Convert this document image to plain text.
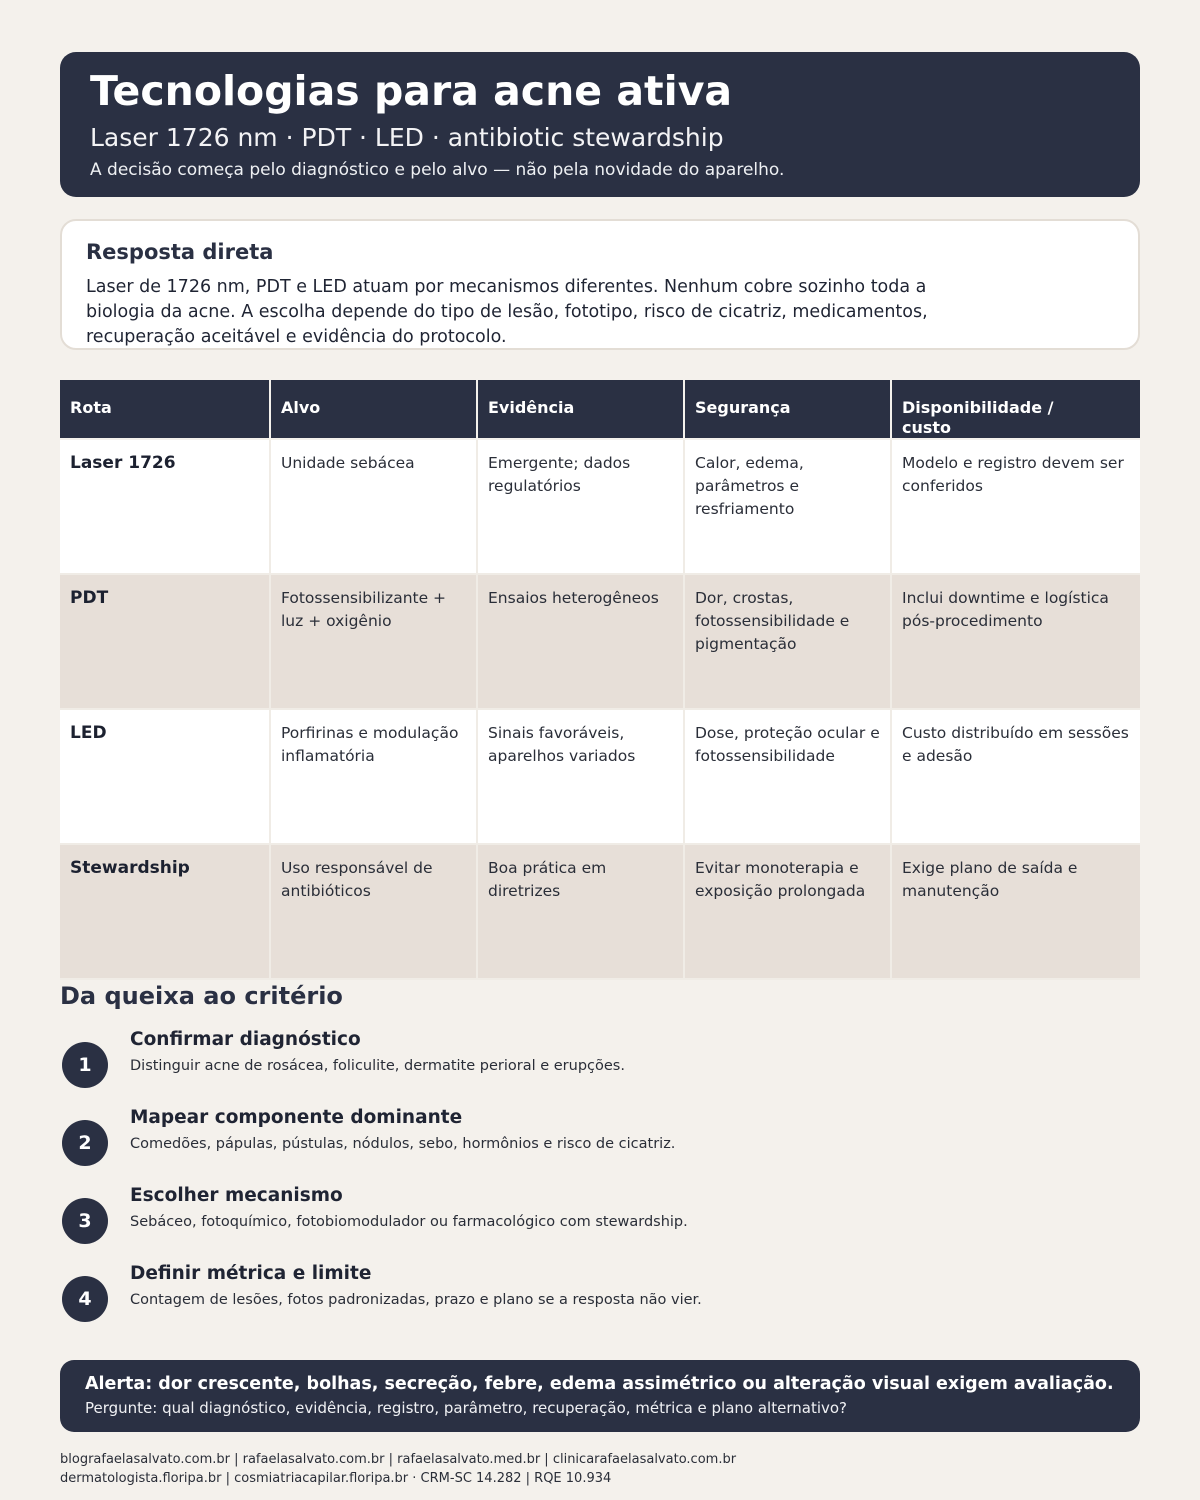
Tecnologias para acne ativa
Laser 1726 nm · PDT · LED · antibiotic stewardship
A decisão começa pelo diagnóstico e pelo alvo — não pela novidade do aparelho.
Resposta direta

Laser de 1726 nm, PDT e LED atuam por mecanismos diferentes. Nenhum cobre sozinho toda a biologia da acne. A escolha depende do tipo de lesão, fototipo, risco de cicatriz, medicamentos, recuperação aceitável e evidência do protocolo.

Rota	Alvo	Evidência	Segurança	Disponibilidade / custo
Laser 1726	Unidade sebácea	Emergente; dados regulatórios	Calor, edema, parâmetros e resfriamento	Modelo e registro devem ser conferidos
PDT	Fotossensibilizante + luz + oxigênio	Ensaios heterogêneos	Dor, crostas, fotossensibilidade e pigmentação	Inclui downtime e logística pós-procedimento
LED	Porfirinas e modulação inflamatória	Sinais favoráveis, aparelhos variados	Dose, proteção ocular e fotossensibilidade	Custo distribuído em sessões e adesão
Stewardship	Uso responsável de antibióticos	Boa prática em diretrizes	Evitar monoterapia e exposição prolongada	Exige plano de saída e manutenção
Da queixa ao critério
1
Confirmar diagnóstico
Distinguir acne de rosácea, foliculite, dermatite perioral e erupções.
2
Mapear componente dominante
Comedões, pápulas, pústulas, nódulos, sebo, hormônios e risco de cicatriz.
3
Escolher mecanismo
Sebáceo, fotoquímico, fotobiomodulador ou farmacológico com stewardship.
4
Definir métrica e limite
Contagem de lesões, fotos padronizadas, prazo e plano se a resposta não vier.
Alerta: dor crescente, bolhas, secreção, febre, edema assimétrico ou alteração visual exigem avaliação.
Pergunte: qual diagnóstico, evidência, registro, parâmetro, recuperação, métrica e plano alternativo?
blografaelasalvato.com.br | rafaelasalvato.com.br | rafaelasalvato.med.br | clinicarafaelasalvato.com.br
dermatologista.floripa.br | cosmiatriacapilar.floripa.br · CRM-SC 14.282 | RQE 10.934
